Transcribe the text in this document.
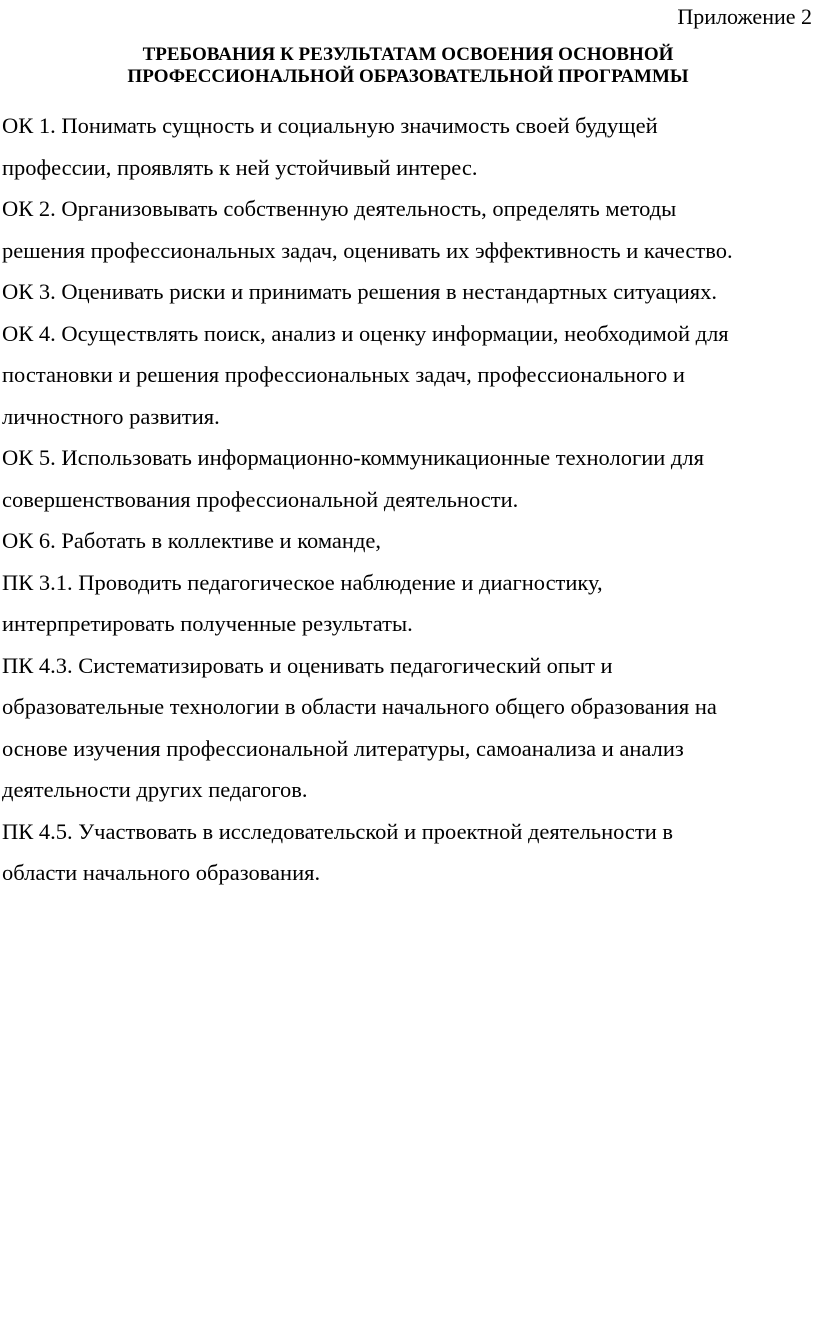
Приложение 2
ТРЕБОВАНИЯ К РЕЗУЛЬТАТАМ ОСВОЕНИЯ ОСНОВНОЙ
ПРОФЕССИОНАЛЬНОЙ ОБРАЗОВАТЕЛЬНОЙ ПРОГРАММЫ
ОК 1. Понимать сущность и социальную значимость своей будущей
профессии, проявлять к ней устойчивый интерес.
ОК 2. Организовывать собственную деятельность, определять методы
решения профессиональных задач, оценивать их эффективность и качество.
ОК 3. Оценивать риски и принимать решения в нестандартных ситуациях.
ОК 4. Осуществлять поиск, анализ и оценку информации, необходимой для
постановки и решения профессиональных задач, профессионального и
личностного развития.
ОК 5. Использовать информационно-коммуникационные технологии для
совершенствования профессиональной деятельности.
ОК 6. Работать в коллективе и команде,
ПК 3.1. Проводить педагогическое наблюдение и диагностику,
интерпретировать полученные результаты.
ПК 4.3. Систематизировать и оценивать педагогический опыт и
образовательные технологии в области начального общего образования на
основе изучения профессиональной литературы, самоанализа и анализ
деятельности других педагогов.
ПК 4.5. Участвовать в исследовательской и проектной деятельности в
области начального образования.
